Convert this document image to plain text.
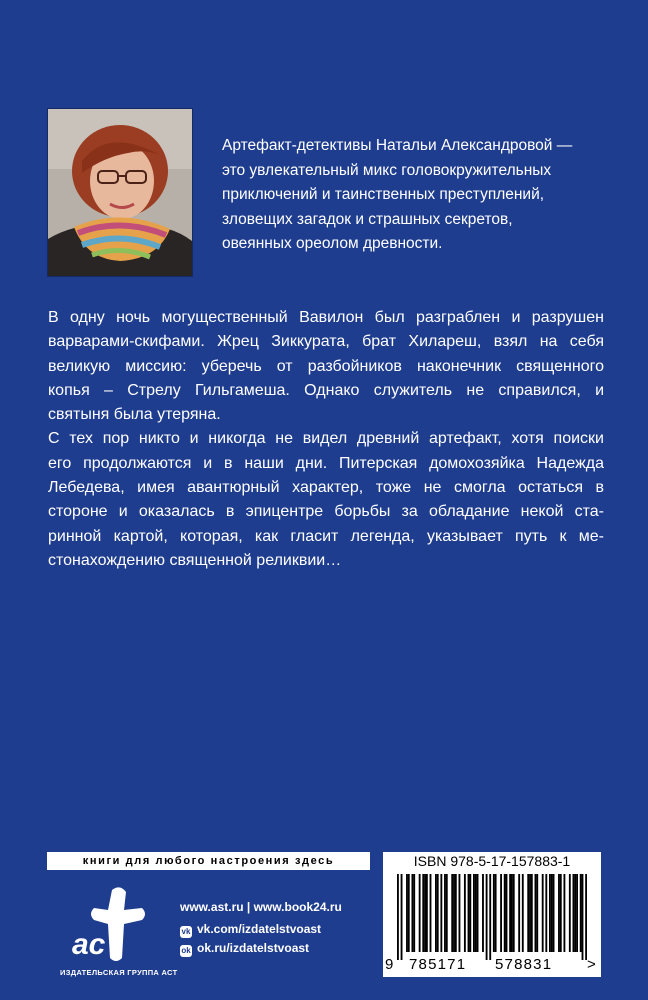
Артефакт-детективы Натальи Александровой —
это увлекательный микс головокружительных
приключений и таинственных преступлений,
зловещих загадок и страшных секретов,
овеянных ореолом древности.
В одну ночь могущественный Вавилон был разграблен и разрушен
варварами-скифами. Жрец Зиккурата, брат Хилареш, взял на себя
великую миссию: уберечь от разбойников наконечник священного
копья – Стрелу Гильгамеша. Однако служитель не справился, и
святыня была утеряна.
С тех пор никто и никогда не видел древний артефакт, хотя поиски
его продолжаются и в наши дни. Питерская домохозяйка Надежда
Лебедева, имея авантюрный характер, тоже не смогла остаться в
стороне и оказалась в эпицентре борьбы за обладание некой ста-
ринной картой, которая, как гласит легенда, указывает путь к ме-
стонахождению священной реликвии…
книги для любого настроения здесь
ac
ИЗДАТЕЛЬСКАЯ ГРУППА АСТ
www.ast.ru | www.book24.ru
vk vk.com/izdatelstvoast
ok ok.ru/izdatelstvoast
ISBN 978-5-17-157883-1
9 785171 578831 >
